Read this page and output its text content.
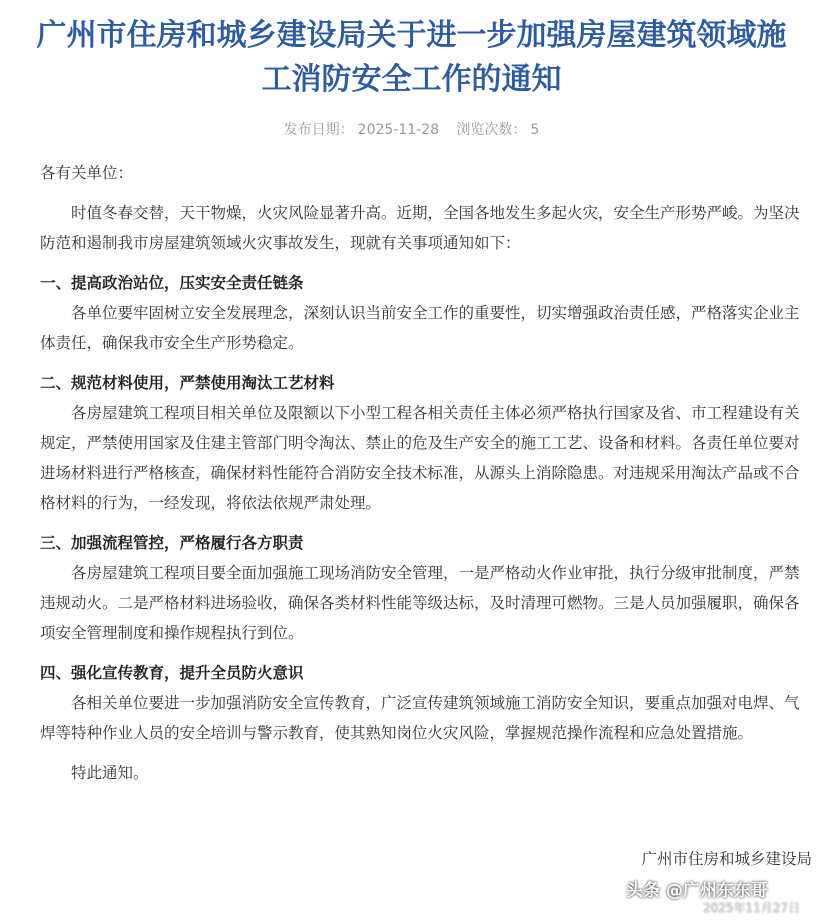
广州市住房和城乡建设局关于进一步加强房屋建筑领域施
工消防安全工作的通知
发布日期： 2025-11-28 浏览次数： 5

各有关单位：

时值冬春交替，天干物燥，火灾风险显著升高。近期，全国各地发生多起火灾，安全生产形势严峻。为坚决防范和遏制我市房屋建筑领域火灾事故发生，现就有关事项通知如下：

一、提高政治站位，压实安全责任链条

各单位要牢固树立安全发展理念，深刻认识当前安全工作的重要性，切实增强政治责任感，严格落实企业主体责任，确保我市安全生产形势稳定。

二、规范材料使用，严禁使用淘汰工艺材料

各房屋建筑工程项目相关单位及限额以下小型工程各相关责任主体必须严格执行国家及省、市工程建设有关规定，严禁使用国家及住建主管部门明令淘汰、禁止的危及生产安全的施工工艺、设备和材料。各责任单位要对进场材料进行严格核查，确保材料性能符合消防安全技术标准，从源头上消除隐患。对违规采用淘汰产品或不合格材料的行为，一经发现，将依法依规严肃处理。

三、加强流程管控，严格履行各方职责

各房屋建筑工程项目要全面加强施工现场消防安全管理，一是严格动火作业审批，执行分级审批制度，严禁违规动火。二是严格材料进场验收，确保各类材料性能等级达标，及时清理可燃物。三是人员加强履职，确保各项安全管理制度和操作规程执行到位。

四、强化宣传教育，提升全员防火意识

各相关单位要进一步加强消防安全宣传教育，广泛宣传建筑领域施工消防安全知识，要重点加强对电焊、气焊等特种作业人员的安全培训与警示教育，使其熟知岗位火灾风险，掌握规范操作流程和应急处置措施。

特此通知。

广州市住房和城乡建设局
头条 @广州东东哥
2025年11月27日
